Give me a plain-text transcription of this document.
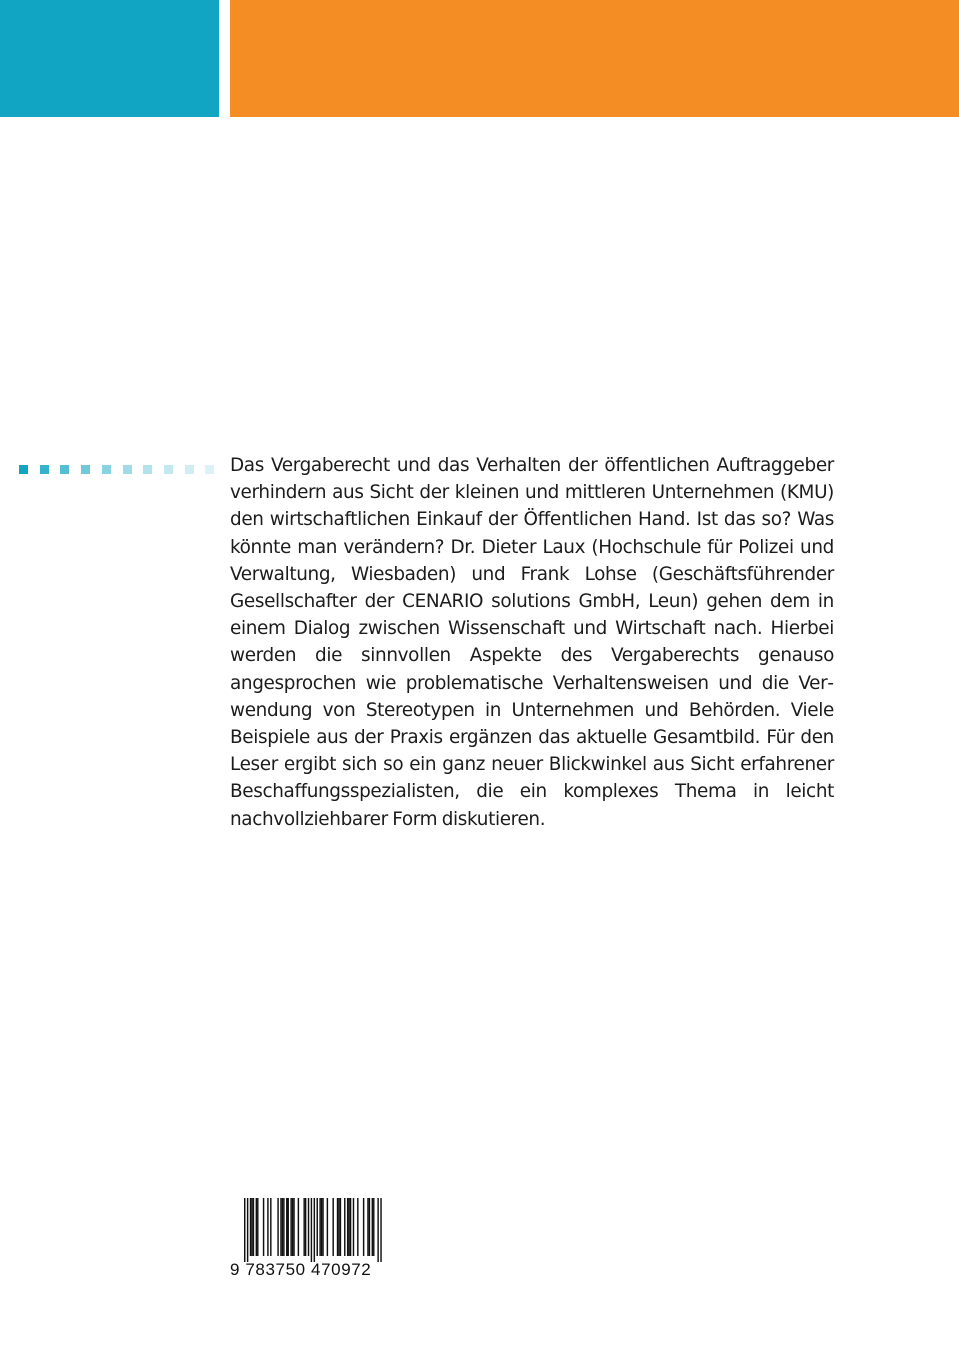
Das Vergaberecht und das Verhalten der öffentlichen Auftraggeber verhindern aus Sicht der kleinen und mittleren Unternehmen (KMU) den wirtschaftlichen Einkauf der Öffentlichen Hand. Ist das so? Was könnte man verändern? Dr. Dieter Laux (Hochschule für Polizei und Verwaltung, Wiesbaden) und Frank Lohse (Geschäftsführender Gesellschafter der CENARIO solutions GmbH, Leun) gehen dem in einem Dialog zwischen Wissenschaft und Wirtschaft nach. Hierbei werden die sinnvollen Aspekte des Vergaberechts genauso angesprochen wie problematische Verhaltensweisen und die Verwendung von Stereotypen in Unternehmen und Behörden. Viele Beispiele aus der Praxis ergänzen das aktuelle Gesamtbild. Für den Leser ergibt sich so ein ganz neuer Blickwinkel aus Sicht erfahrener Beschaffungsspezialisten, die ein komplexes Thema in leicht nachvollziehbarer Form diskutieren.

9 783750 470972
